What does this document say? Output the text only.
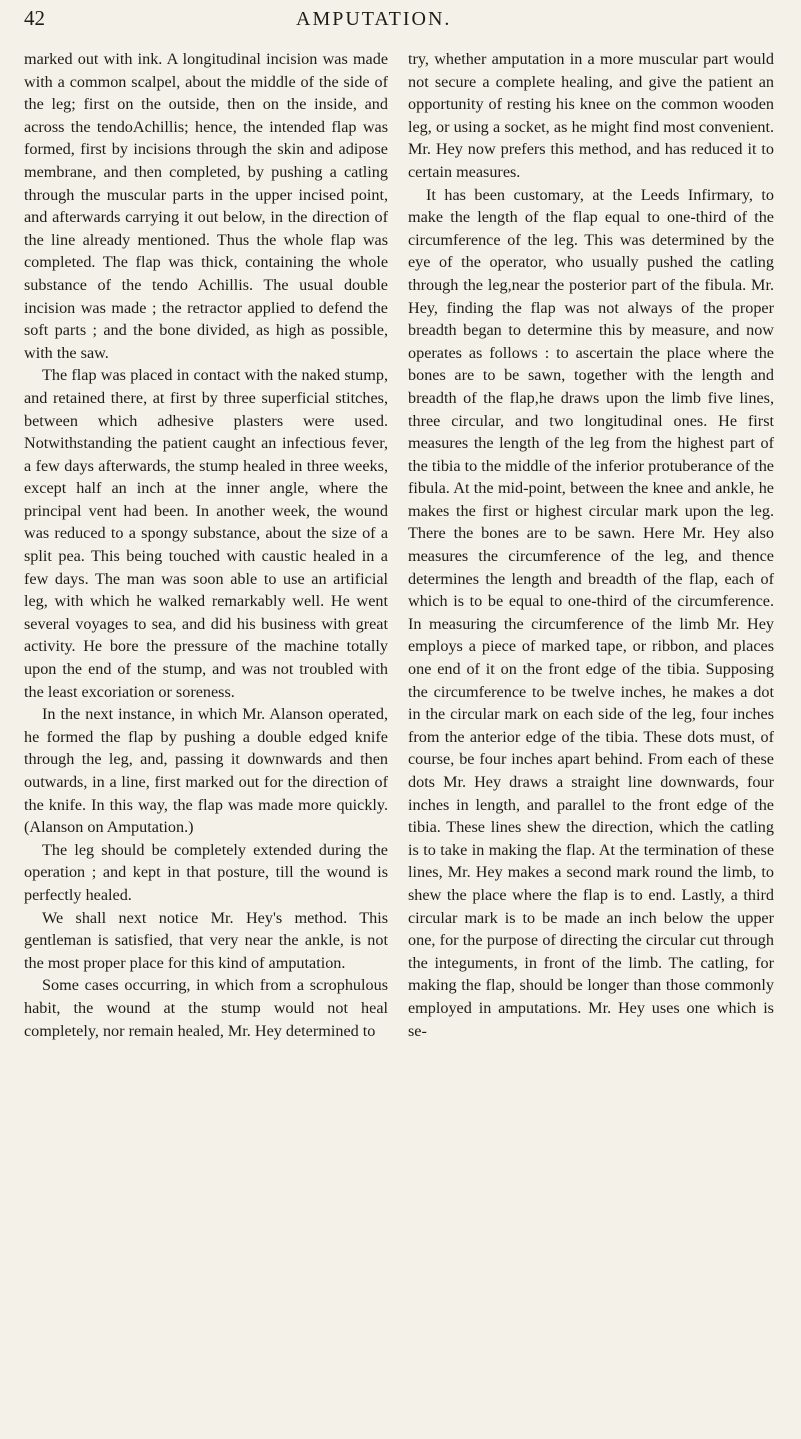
42	AMPUTATION.

marked out with ink. A longitudinal incision was made with a common scalpel, about the middle of the side of the leg; first on the outside, then on the inside, and across the tendoAchillis; hence, the intended flap was formed, first by incisions through the skin and adipose membrane, and then completed, by pushing a catling through the muscular parts in the upper incised point, and afterwards carrying it out below, in the direction of the line already mentioned. Thus the whole flap was completed. The flap was thick, containing the whole substance of the tendo Achillis. The usual double incision was made ; the retractor applied to defend the soft parts ; and the bone divided, as high as possible, with the saw.

The flap was placed in contact with the naked stump, and retained there, at first by three superficial stitches, between which adhesive plasters were used. Notwithstanding the patient caught an infectious fever, a few days afterwards, the stump healed in three weeks, except half an inch at the inner angle, where the principal vent had been. In another week, the wound was reduced to a spongy substance, about the size of a split pea. This being touched with caustic healed in a few days. The man was soon able to use an artificial leg, with which he walked remarkably well. He went several voyages to sea, and did his business with great activity. He bore the pressure of the machine totally upon the end of the stump, and was not troubled with the least excoriation or soreness.

In the next instance, in which Mr. Alanson operated, he formed the flap by pushing a double edged knife through the leg, and, passing it downwards and then outwards, in a line, first marked out for the direction of the knife. In this way, the flap was made more quickly. (Alanson on Amputation.)

The leg should be completely extended during the operation ; and kept in that posture, till the wound is perfectly healed.

We shall next notice Mr. Hey's method. This gentleman is satisfied, that very near the ankle, is not the most proper place for this kind of amputation.

Some cases occurring, in which from a scrophulous habit, the wound at the stump would not heal completely, nor remain healed, Mr. Hey determined to

try, whether amputation in a more muscular part would not secure a complete healing, and give the patient an opportunity of resting his knee on the common wooden leg, or using a socket, as he might find most convenient. Mr. Hey now prefers this method, and has reduced it to certain measures.

It has been customary, at the Leeds Infirmary, to make the length of the flap equal to one-third of the circumference of the leg. This was determined by the eye of the operator, who usually pushed the catling through the leg,near the posterior part of the fibula. Mr. Hey, finding the flap was not always of the proper breadth began to determine this by measure, and now operates as follows : to ascertain the place where the bones are to be sawn, together with the length and breadth of the flap,he draws upon the limb five lines, three circular, and two longitudinal ones. He first measures the length of the leg from the highest part of the tibia to the middle of the inferior protuberance of the fibula. At the mid-point, between the knee and ankle, he makes the first or highest circular mark upon the leg. There the bones are to be sawn. Here Mr. Hey also measures the circumference of the leg, and thence determines the length and breadth of the flap, each of which is to be equal to one-third of the circumference. In measuring the circumference of the limb Mr. Hey employs a piece of marked tape, or ribbon, and places one end of it on the front edge of the tibia. Supposing the circumference to be twelve inches, he makes a dot in the circular mark on each side of the leg, four inches from the anterior edge of the tibia. These dots must, of course, be four inches apart behind. From each of these dots Mr. Hey draws a straight line downwards, four inches in length, and parallel to the front edge of the tibia. These lines shew the direction, which the catling is to take in making the flap. At the termination of these lines, Mr. Hey makes a second mark round the limb, to shew the place where the flap is to end. Lastly, a third circular mark is to be made an inch below the upper one, for the purpose of directing the circular cut through the integuments, in front of the limb. The catling, for making the flap, should be longer than those commonly employed in amputations. Mr. Hey uses one which is se-
